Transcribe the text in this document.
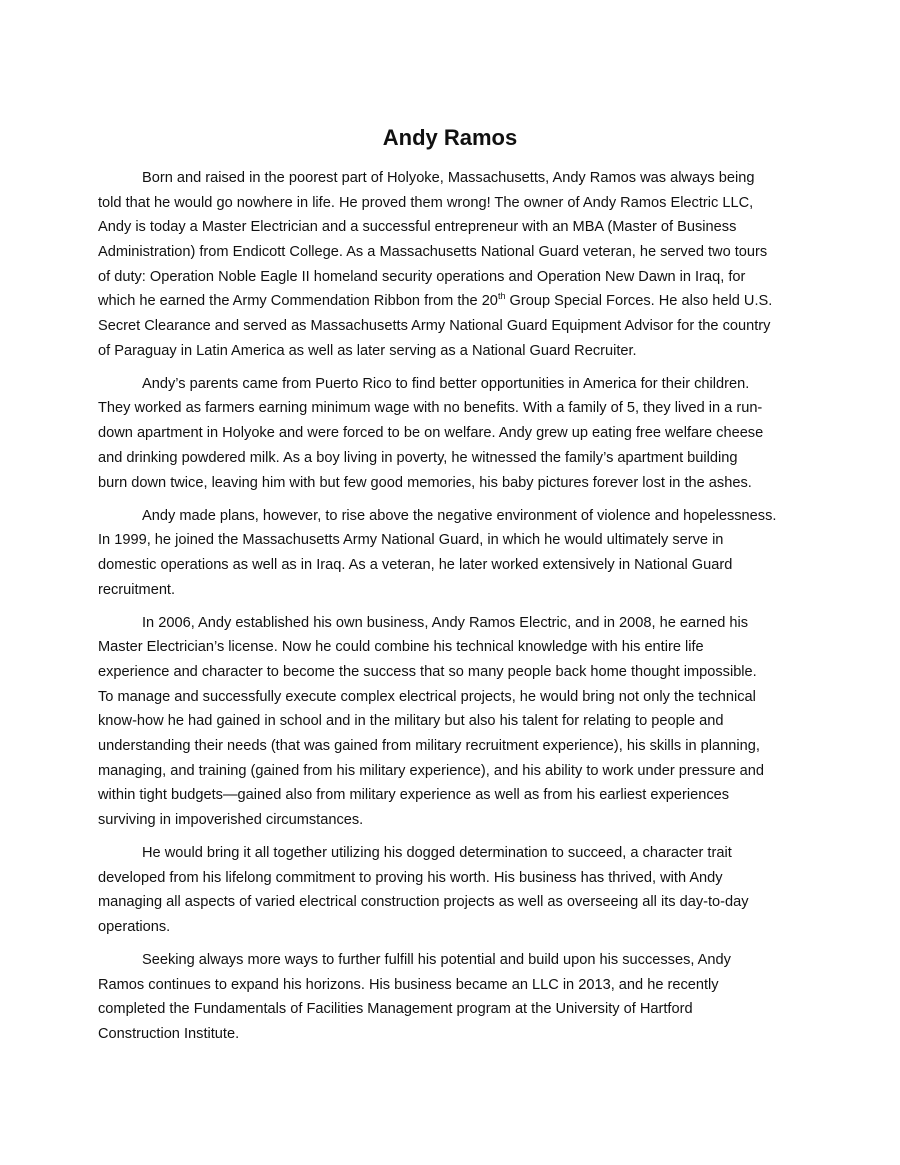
Andy Ramos
Born and raised in the poorest part of Holyoke, Massachusetts, Andy Ramos was always being
told that he would go nowhere in life. He proved them wrong! The owner of Andy Ramos Electric LLC,
Andy is today a Master Electrician and a successful entrepreneur with an MBA (Master of Business
Administration) from Endicott College. As a Massachusetts National Guard veteran, he served two tours
of duty: Operation Noble Eagle II homeland security operations and Operation New Dawn in Iraq, for
which he earned the Army Commendation Ribbon from the 20th Group Special Forces. He also held U.S.
Secret Clearance and served as Massachusetts Army National Guard Equipment Advisor for the country
of Paraguay in Latin America as well as later serving as a National Guard Recruiter.
Andy’s parents came from Puerto Rico to find better opportunities in America for their children.
They worked as farmers earning minimum wage with no benefits. With a family of 5, they lived in a run-
down apartment in Holyoke and were forced to be on welfare. Andy grew up eating free welfare cheese
and drinking powdered milk. As a boy living in poverty, he witnessed the family’s apartment building
burn down twice, leaving him with but few good memories, his baby pictures forever lost in the ashes.
Andy made plans, however, to rise above the negative environment of violence and hopelessness.
In 1999, he joined the Massachusetts Army National Guard, in which he would ultimately serve in
domestic operations as well as in Iraq. As a veteran, he later worked extensively in National Guard
recruitment.
In 2006, Andy established his own business, Andy Ramos Electric, and in 2008, he earned his
Master Electrician’s license. Now he could combine his technical knowledge with his entire life
experience and character to become the success that so many people back home thought impossible.
To manage and successfully execute complex electrical projects, he would bring not only the technical
know-how he had gained in school and in the military but also his talent for relating to people and
understanding their needs (that was gained from military recruitment experience), his skills in planning,
managing, and training (gained from his military experience), and his ability to work under pressure and
within tight budgets—gained also from military experience as well as from his earliest experiences
surviving in impoverished circumstances.
He would bring it all together utilizing his dogged determination to succeed, a character trait
developed from his lifelong commitment to proving his worth. His business has thrived, with Andy
managing all aspects of varied electrical construction projects as well as overseeing all its day-to-day
operations.
Seeking always more ways to further fulfill his potential and build upon his successes, Andy
Ramos continues to expand his horizons. His business became an LLC in 2013, and he recently
completed the Fundamentals of Facilities Management program at the University of Hartford
Construction Institute.
